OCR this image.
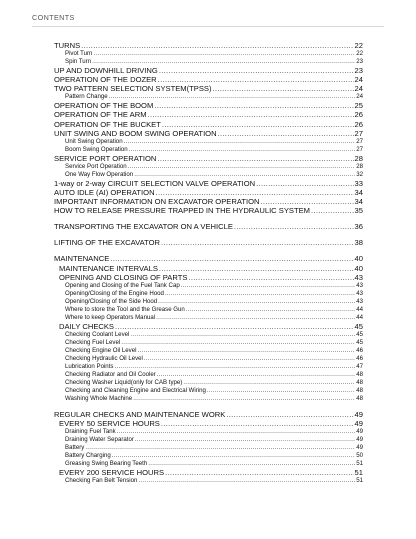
CONTENTS
TURNS .....	22
Pivot Turn .....	22
Spin Turn .....	23
UP AND DOWNHILL DRIVING .....	23
OPERATION OF THE DOZER .....	24
TWO PATTERN SELECTION SYSTEM(TPSS) .....	24
Pattern Change .....	24
OPERATION OF THE BOOM .....	25
OPERATION OF THE ARM .....	26
OPERATION OF THE BUCKET .....	26
UNIT SWING AND BOOM SWING OPERATION .....	27
Unit Swing Operation .....	27
Boom Swing Operation .....	27
SERVICE PORT OPERATION .....	28
Service Port Operation .....	28
One Way Flow Operation .....	32
1-way or 2-way CIRCUIT SELECTION VALVE OPERATION .....	33
AUTO IDLE (AI) OPERATION .....	34
IMPORTANT INFORMATION ON EXCAVATOR OPERATION .....	34
HOW TO RELEASE PRESSURE TRAPPED IN THE HYDRAULIC SYSTEM .....	35
TRANSPORTING THE EXCAVATOR ON A VEHICLE .....	36
LIFTING OF THE EXCAVATOR .....	38
MAINTENANCE .....	40
MAINTENANCE INTERVALS .....	40
OPENING AND CLOSING OF PARTS .....	43
Opening and Closing of the Fuel Tank Cap .....	43
Opening/Closing of the Engine Hood .....	43
Opening/Closing of the Side Hood .....	43
Where to store the Tool and the Grease Gun .....	44
Where to keep Operators Manual .....	44
DAILY CHECKS .....	45
Checking Coolant Level .....	45
Checking Fuel Level .....	45
Checking Engine Oil Level .....	46
Checking Hydraulic Oil Level .....	46
Lubrication Points .....	47
Checking Radiator and Oil Cooler .....	48
Checking Washer Liquid(only for CAB type) .....	48
Checking and Cleaning Engine and Electrical Wiring .....	48
Washing Whole Machine .....	48
REGULAR CHECKS AND MAINTENANCE WORK .....	49
EVERY 50 SERVICE HOURS .....	49
Draining Fuel Tank .....	49
Draining Water Separator .....	49
Battery .....	49
Battery Charging .....	50
Greasing Swing Bearing Teeth .....	51
EVERY 200 SERVICE HOURS .....	51
Checking Fan Belt Tension .....	51
